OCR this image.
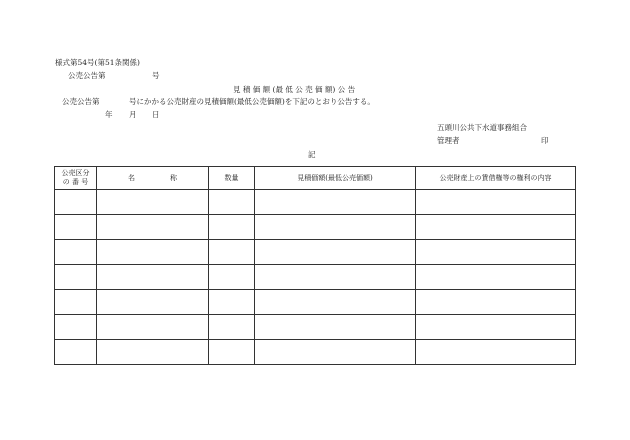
様式第54号(第51条関係)
公売公告第	号
見 積 価 額 (最 低 公 売 価 額) 公 告
公売公告第	号にかかる公売財産の見積価額(最低公売価額)を下記のとおり公告する。
年 月 日
五頭川公共下水道事務組合
管理者	印
記
公売区分
の 番 号	名　　　　　称	数量	見積価額(最低公売価額)	公売財産上の賃借権等の権利の内容
